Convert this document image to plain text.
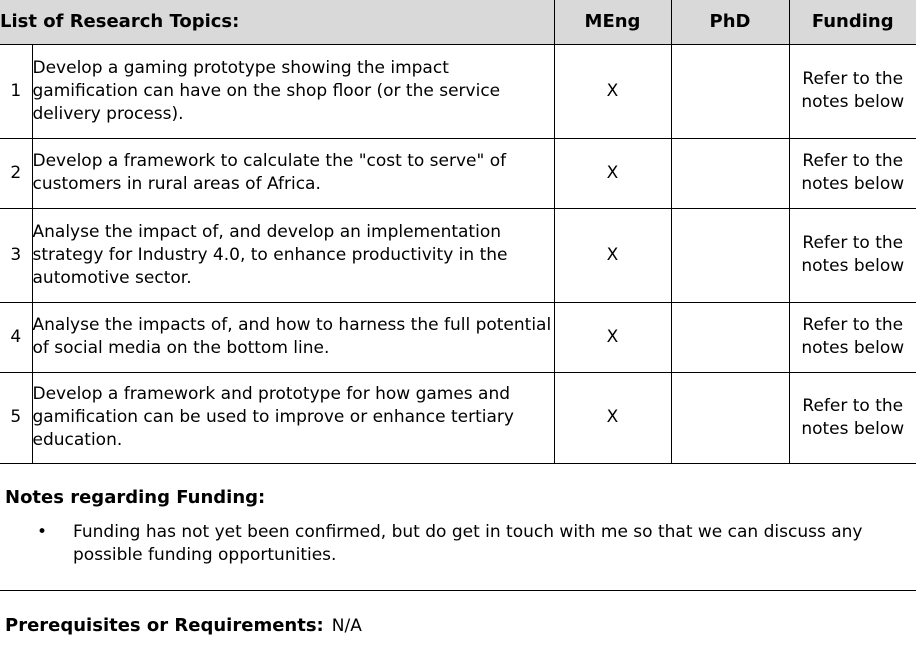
List of Research Topics:		MEng	PhD	Funding
1	Develop a gaming prototype showing the impact gamification can have on the shop floor (or the service delivery process).	X		Refer to the notes below

2	Develop a framework to calculate the "cost to serve" of customers in rural areas of Africa.	X		Refer to the notes below

3	Analyse the impact of, and develop an implementation strategy for Industry 4.0, to enhance productivity in the automotive sector.	X		Refer to the notes below

4	Analyse the impacts of, and how to harness the full potential of social media on the bottom line.	X		Refer to the notes below

5	Develop a framework and prototype for how games and gamification can be used to improve or enhance tertiary education.	X		Refer to the notes below
Notes regarding Funding:
• Funding has not yet been confirmed, but do get in touch with me so that we can discuss any possible funding opportunities.
Prerequisites or Requirements: N/A
